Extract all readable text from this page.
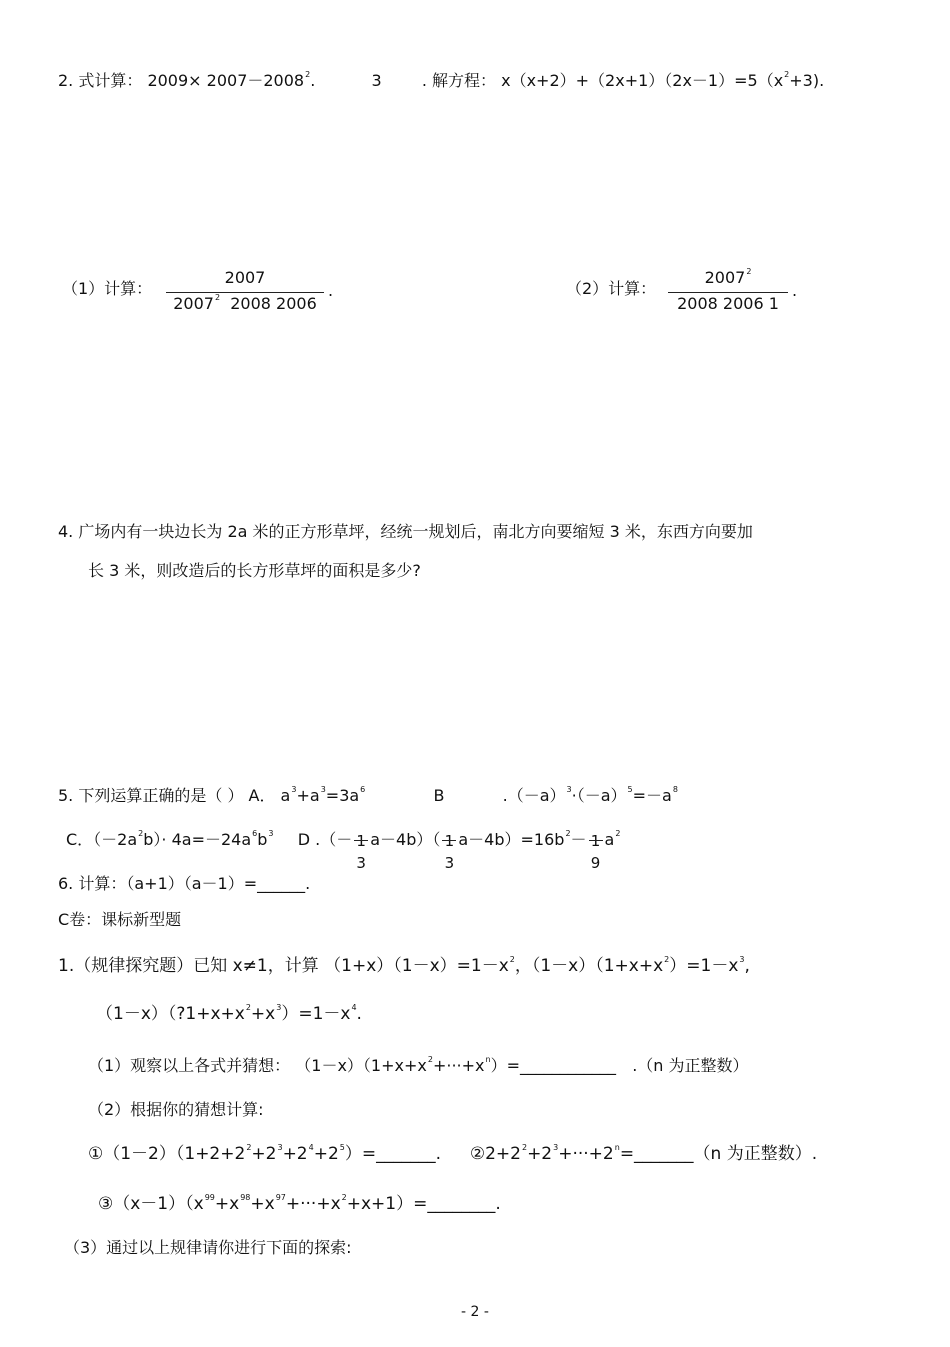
2. 式计算： $2009\times 2007-2008^2$.	3	. 解方程： $x(x+2)+(2x+1)(2x-1)=5(x^2+3)$.
（1）计算：
2007
2007$^2$ 2008 2006
.	（2）计算：
2007$^2$
2008 2006 1
.
4. 广场内有一块边长为 2a 米的正方形草坪，经统一规划后，南北方向要缩短 3 米，东西方向要加
长 3 米，则改造后的长方形草坪的面积是多少?
5. 下列运算正确的是（ ） A． $a^3+a^3=3a^6$	B	$.(-a)^3\cdot(-a)^5=-a^8$
C．$(-2a^2b)\cdot 4a=-24a^6b^3$ D .（－ 1
3
a－4b）（ 1
3
$a-4b)=16b^2- 1$
9
$a^2$
6. 计算：（a+1）（a－1）=______.
C卷：课标新型题
1.（规律探究题）已知 x≠1，计算 $(1+x)(1-x)=1-x^2$，$(1-x)(1+x+x^2)=1-x^3$,
$(1-x)(?1+x+x^2+x^3)=1-x^4$.
（1）观察以上各式并猜想： $(1-x)(1+x+x^2+\cdot\cdot\cdot+x^n)=\_\_\_\_\_\_\_\_\_\_\_\_$ .（n 为正整数）
（2）根据你的猜想计算:
$①(1-2)(1+2+2^2+2^3+2^4+2^5)=\_\_\_\_\_\_\_$. $②2+2^2+2^3+\cdot\cdot\cdot+2^n=\_\_\_\_\_\_\_(n$ 为正整数）.
$③(x-1)(x^{99}+x^{98}+x^{97}+\cdot\cdot\cdot+x^2+x+1)=\_\_\_\_\_\_\_\_$.
（3）通过以上规律请你进行下面的探索:
- 2 -
